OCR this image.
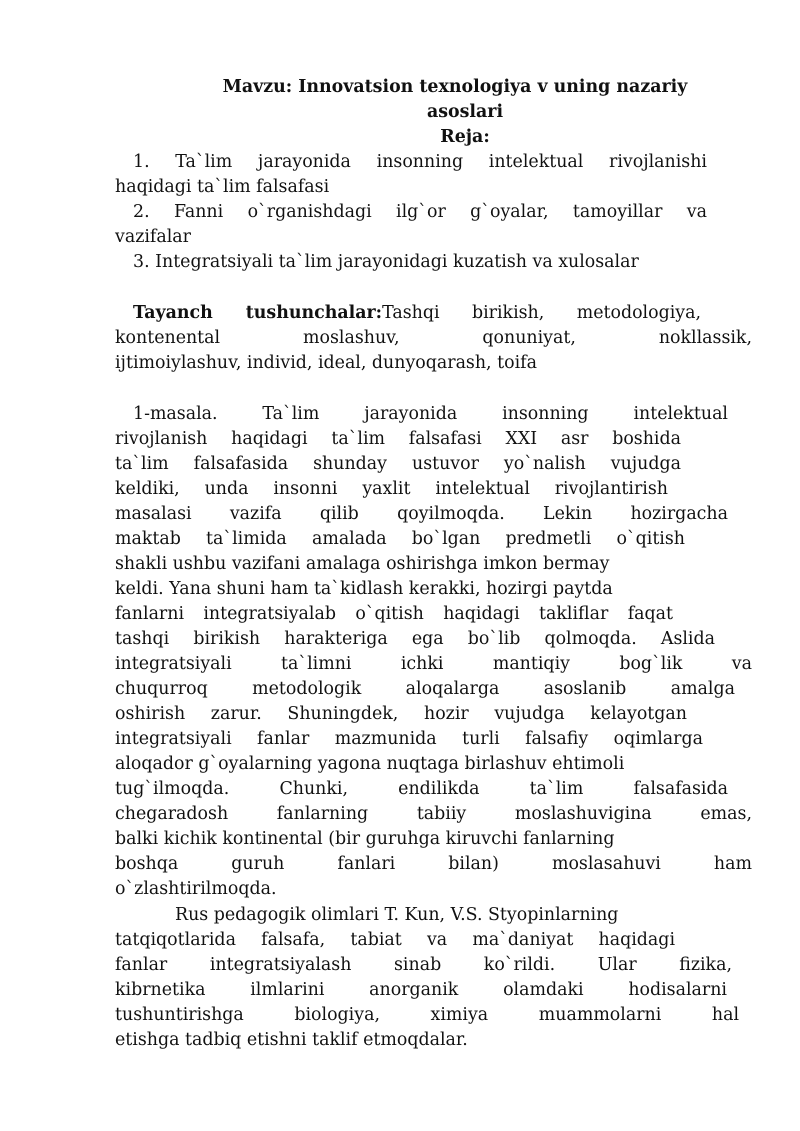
Mavzu: Innovatsion texnologiya v uning nazariy
asoslari
Reja:
1. Ta`lim jarayonida insonning intelektual rivojlanishi
haqidagi ta`lim falsafasi
2. Fanni o`rganishdagi ilg`or g`oyalar, tamoyillar va
vazifalar
3. Integratsiyali ta`lim jarayonidagi kuzatish va xulosalar
Tayanch tushunchalar:Tashqi birikish, metodologiya,
kontenental moslashuv, qonuniyat, nokllassik,
ijtimoiylashuv, individ, ideal, dunyoqarash, toifa
1-masala. Ta`lim jarayonida insonning intelektual
rivojlanish haqidagi ta`lim falsafasi XXI asr boshida
ta`lim falsafasida shunday ustuvor yo`nalish vujudga
keldiki, unda insonni yaxlit intelektual rivojlantirish
masalasi vazifa qilib qoyilmoqda. Lekin hozirgacha
maktab ta`limida amalada bo`lgan predmetli o`qitish
shakli ushbu vazifani amalaga oshirishga imkon bermay
keldi. Yana shuni ham ta`kidlash kerakki, hozirgi paytda
fanlarni integratsiyalab o`qitish haqidagi takliflar faqat
tashqi birikish harakteriga ega bo`lib qolmoqda. Aslida
integratsiyali ta`limni ichki mantiqiy bog`lik va
chuqurroq metodologik aloqalarga asoslanib amalga
oshirish zarur. Shuningdek, hozir vujudga kelayotgan
integratsiyali fanlar mazmunida turli falsafiy oqimlarga
aloqador g`oyalarning yagona nuqtaga birlashuv ehtimoli
tug`ilmoqda. Chunki, endilikda ta`lim falsafasida
chegaradosh fanlarning tabiiy moslashuvigina emas,
balki kichik kontinental (bir guruhga kiruvchi fanlarning
boshqa guruh fanlari bilan) moslasahuvi ham
o`zlashtirilmoqda.
Rus pedagogik olimlari T. Kun, V.S. Styopinlarning
tatqiqotlarida falsafa, tabiat va ma`daniyat haqidagi
fanlar integratsiyalash sinab ko`rildi. Ular fizika,
kibrnetika ilmlarini anorganik olamdaki hodisalarni
tushuntirishga biologiya, ximiya muammolarni hal
etishga tadbiq etishni taklif etmoqdalar.
